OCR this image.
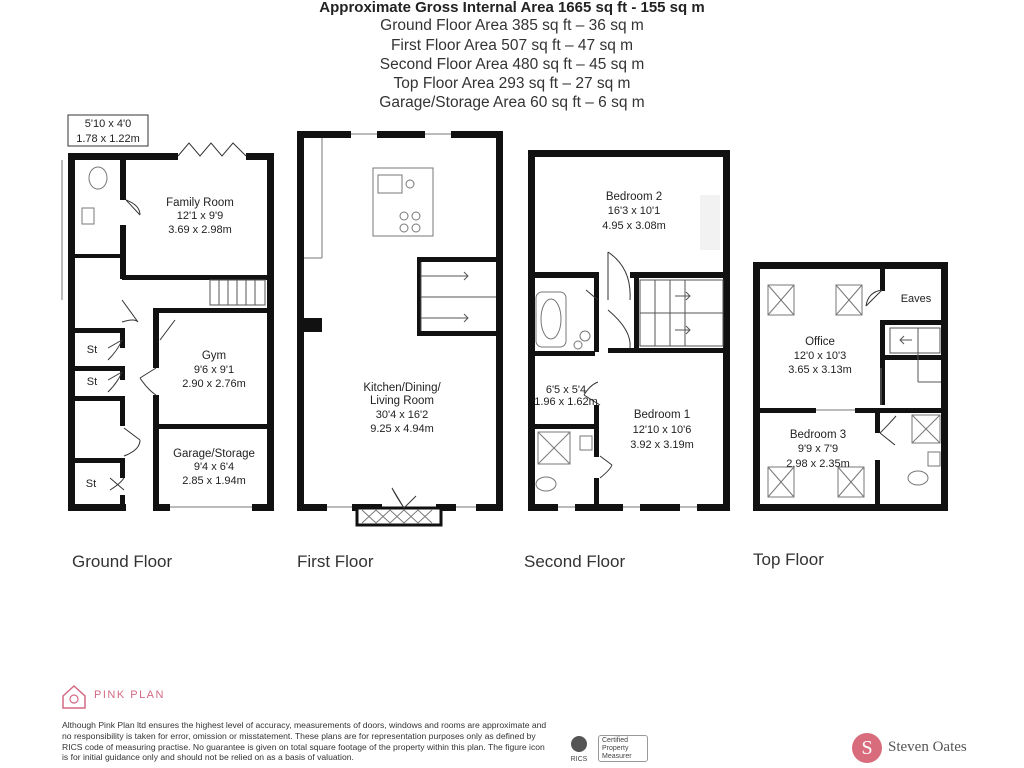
Approximate Gross Internal Area 1665 sq ft - 155 sq m
Ground Floor Area 385 sq ft – 36 sq m
First Floor Area 507 sq ft – 47 sq m
Second Floor Area 480 sq ft – 45 sq m
Top Floor Area 293 sq ft – 27 sq m
Garage/Storage Area 60 sq ft – 6 sq m
5'10 x 4'0
1.78 x 1.22m
Family Room
12'1 x 9'9
3.69 x 2.98m
St
St
St
Gym
9'6 x 9'1
2.90 x 2.76m
Garage/Storage
9'4 x 6'4
2.85 x 1.94m
Kitchen/Dining/
Living Room
30'4 x 16'2
9.25 x 4.94m
Bedroom 2
16'3 x 10'1
4.95 x 3.08m
6'5 x 5'4
1.96 x 1.62m
Bedroom 1
12'10 x 10'6
3.92 x 3.19m
Eaves
Office
12'0 x 10'3
3.65 x 3.13m
Bedroom 3
9'9 x 7'9
2.98 x 2.35m
Ground Floor	First Floor	Second Floor	Top Floor
PINK PLAN
Although Pink Plan ltd ensures the highest level of accuracy, measurements of doors, windows and rooms are approximate and no responsibility is taken for error, omission or misstatement. These plans are for representation purposes only as defined by RICS code of measuring practise. No guarantee is given on total square footage of the property within this plan. The figure icon is for initial guidance only and should not be relied on as a basis of valuation.	RICS
Certified Property Measurer	S	Steven Oates
